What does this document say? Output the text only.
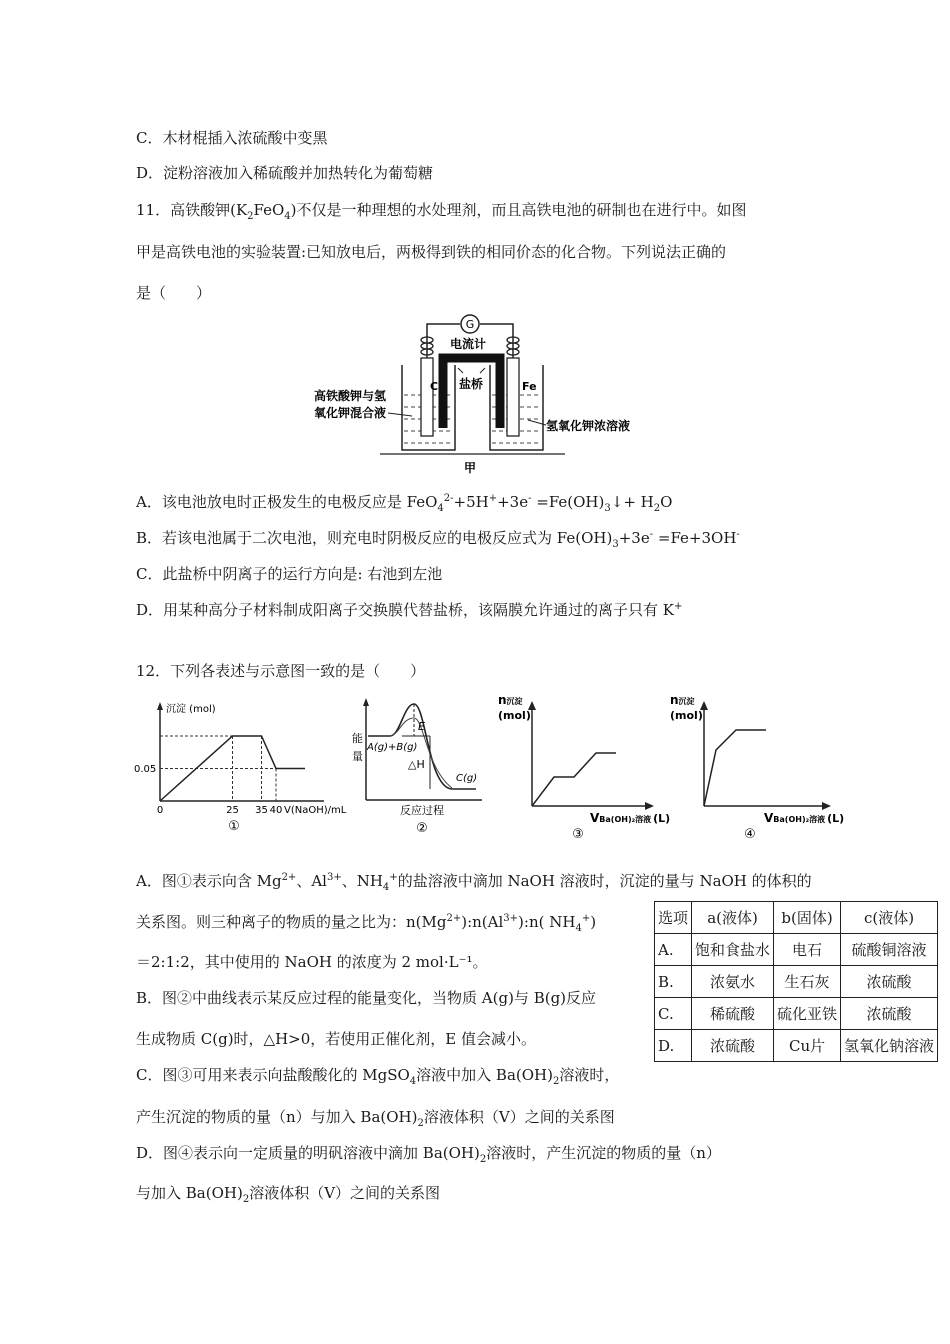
C．木材棍插入浓硫酸中变黑
D．淀粉溶液加入稀硫酸并加热转化为葡萄糖
11．高铁酸钾$(K_2FeO_4)$不仅是一种理想的水处理剂，而且高铁电池的研制也在进行中。如图
甲是高铁电池的实验装置:已知放电后，两极得到铁的相同价态的化合物。下列说法正确的
是（　　）
G
电流计
C	Fe
盐桥
高铁酸钾与氢
氧化钾混合液
氢氧化钾浓溶液
甲
A．该电池放电时正极发生的电极反应是 $FeO_4^{2-}+5H^++3e^- =Fe(OH)_3↓+ H_2O$
B．若该电池属于二次电池，则充电时阴极反应的电极反应式为 $Fe(OH)_3+3e^- =Fe+3OH^-$
C．此盐桥中阴离子的运行方向是: 右池到左池
D．用某种高分子材料制成阳离子交换膜代替盐桥，该隔膜允许通过的离子只有 K+
12．下列各表述与示意图一致的是（　　）
沉淀 (mol)
0.05
0	25 35 40 V(NaOH)/mL
①
能
量
A(g)+B(g)
E
△H
C(g)
反应过程
②
n沉淀
(mol)
VBa(OH)₂溶液 (L)
③
n沉淀
(mol)
VBa(OH)₂溶液 (L)
④
A．图①表示向含 $Mg^{2+}$、$Al^{3+}$、$NH_4^+$的盐溶液中滴加 NaOH 溶液时，沉淀的量与 NaOH 的体积的
关系图。则三种离子的物质的量之比为：$n(Mg^{2+}):n(Al^{3+}):n$( $NH_4^+$)
＝2:1:2，其中使用的 NaOH 的浓度为 2 mol·L⁻¹。
B．图②中曲线表示某反应过程的能量变化，当物质 A(g)与 B(g)反应
生成物质 C(g)时，△H>0，若使用正催化剂，E 值会减小。
C．图③可用来表示向盐酸酸化的 MgSO$_4$溶液中加入 $Ba(OH)_2$溶液时，
产生沉淀的物质的量（n）与加入 $Ba(OH)_2$溶液体积（V）之间的关系图
D．图④表示向一定质量的明矾溶液中滴加 $Ba(OH)_2$溶液时，产生沉淀的物质的量（n）
与加入 $Ba(OH)_2$溶液体积（V）之间的关系图
选项	a(液体)	b(固体)	c(液体)
A.	饱和食盐水	电石	硫酸铜溶液
B.	浓氨水	生石灰	浓硫酸
C.	稀硫酸	硫化亚铁	浓硫酸
D.	浓硫酸	Cu片	氢氧化钠溶液
